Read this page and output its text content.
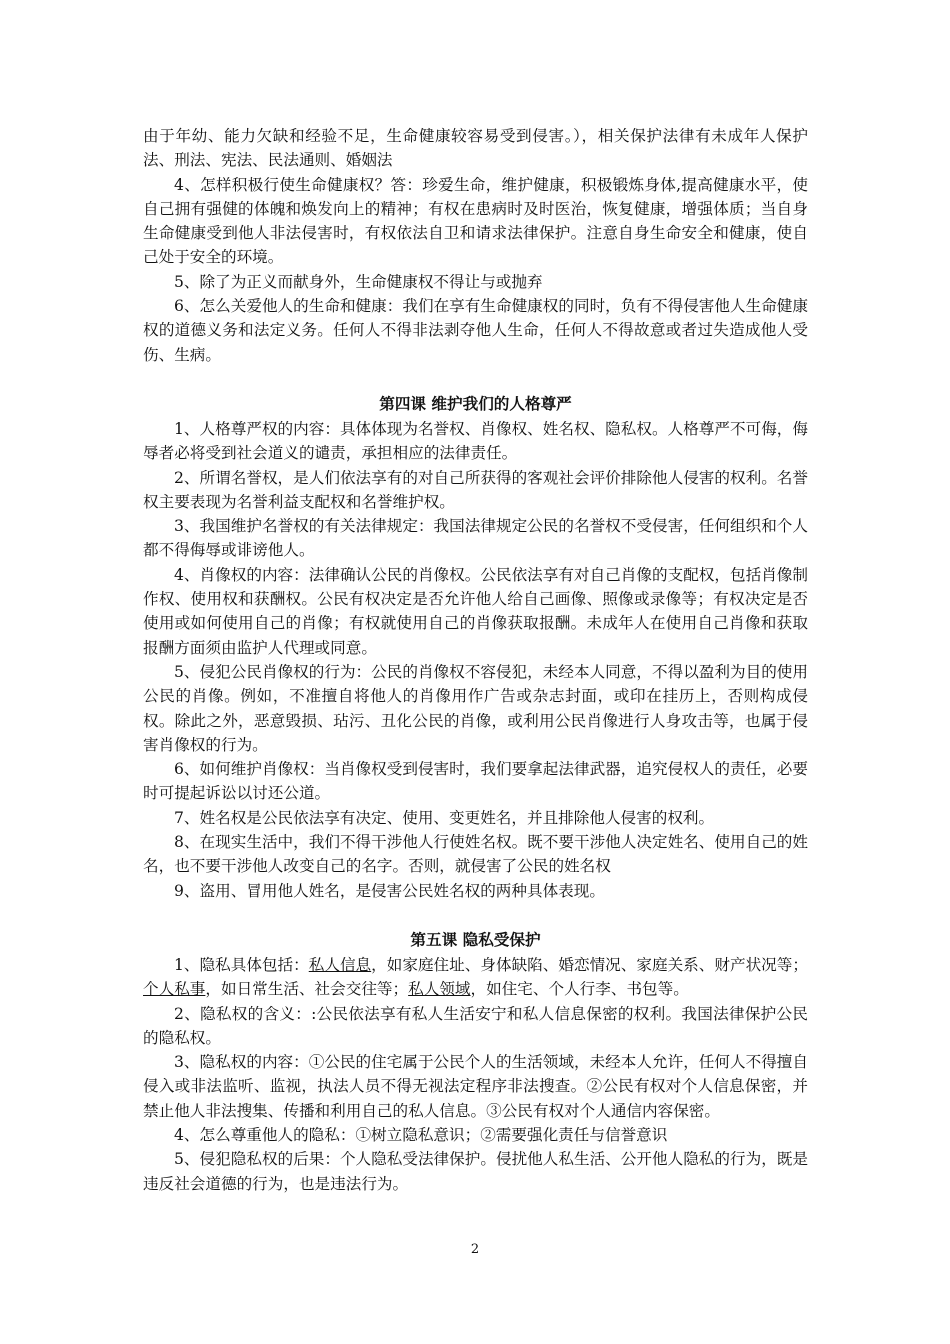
由于年幼、能力欠缺和经验不足，生命健康较容易受到侵害。），相关保护法律有未成年人保护法、刑法、宪法、民法通则、婚姻法

4、怎样积极行使生命健康权？答：珍爱生命，维护健康，积极锻炼身体,提高健康水平，使自己拥有强健的体魄和焕发向上的精神；有权在患病时及时医治，恢复健康，增强体质；当自身生命健康受到他人非法侵害时，有权依法自卫和请求法律保护。注意自身生命安全和健康，使自己处于安全的环境。

5、除了为正义而献身外，生命健康权不得让与或抛弃

6、怎么关爱他人的生命和健康：我们在享有生命健康权的同时，负有不得侵害他人生命健康权的道德义务和法定义务。任何人不得非法剥夺他人生命，任何人不得故意或者过失造成他人受伤、生病。

第四课 维护我们的人格尊严

1、人格尊严权的内容：具体体现为名誉权、肖像权、姓名权、隐私权。人格尊严不可侮，侮辱者必将受到社会道义的谴责，承担相应的法律责任。

2、所谓名誉权，是人们依法享有的对自己所获得的客观社会评价排除他人侵害的权利。名誉权主要表现为名誉利益支配权和名誉维护权。

3、我国维护名誉权的有关法律规定：我国法律规定公民的名誉权不受侵害，任何组织和个人都不得侮辱或诽谤他人。

4、肖像权的内容：法律确认公民的肖像权。公民依法享有对自己肖像的支配权，包括肖像制作权、使用权和获酬权。公民有权决定是否允许他人给自己画像、照像或录像等；有权决定是否使用或如何使用自己的肖像；有权就使用自己的肖像获取报酬。未成年人在使用自己肖像和获取报酬方面须由监护人代理或同意。

5、侵犯公民肖像权的行为：公民的肖像权不容侵犯，未经本人同意，不得以盈利为目的使用公民的肖像。例如，不准擅自将他人的肖像用作广告或杂志封面，或印在挂历上，否则构成侵权。除此之外，恶意毁损、玷污、丑化公民的肖像，或利用公民肖像进行人身攻击等，也属于侵害肖像权的行为。

6、如何维护肖像权：当肖像权受到侵害时，我们要拿起法律武器，追究侵权人的责任，必要时可提起诉讼以讨还公道。

7、姓名权是公民依法享有决定、使用、变更姓名，并且排除他人侵害的权利。

8、在现实生活中，我们不得干涉他人行使姓名权。既不要干涉他人决定姓名、使用自己的姓名，也不要干涉他人改变自己的名字。否则，就侵害了公民的姓名权

9、盗用、冒用他人姓名，是侵害公民姓名权的两种具体表现。

第五课 隐私受保护

1、隐私具体包括：私人信息，如家庭住址、身体缺陷、婚恋情况、家庭关系、财产状况等；个人私事，如日常生活、社会交往等；私人领域，如住宅、个人行李、书包等。

2、隐私权的含义：:公民依法享有私人生活安宁和私人信息保密的权利。我国法律保护公民的隐私权。

3、隐私权的内容：①公民的住宅属于公民个人的生活领域，未经本人允许，任何人不得擅自侵入或非法监听、监视，执法人员不得无视法定程序非法搜查。②公民有权对个人信息保密，并禁止他人非法搜集、传播和利用自己的私人信息。③公民有权对个人通信内容保密。

4、怎么尊重他人的隐私：①树立隐私意识；②需要强化责任与信誉意识

5、侵犯隐私权的后果：个人隐私受法律保护。侵扰他人私生活、公开他人隐私的行为，既是违反社会道德的行为，也是违法行为。

2
